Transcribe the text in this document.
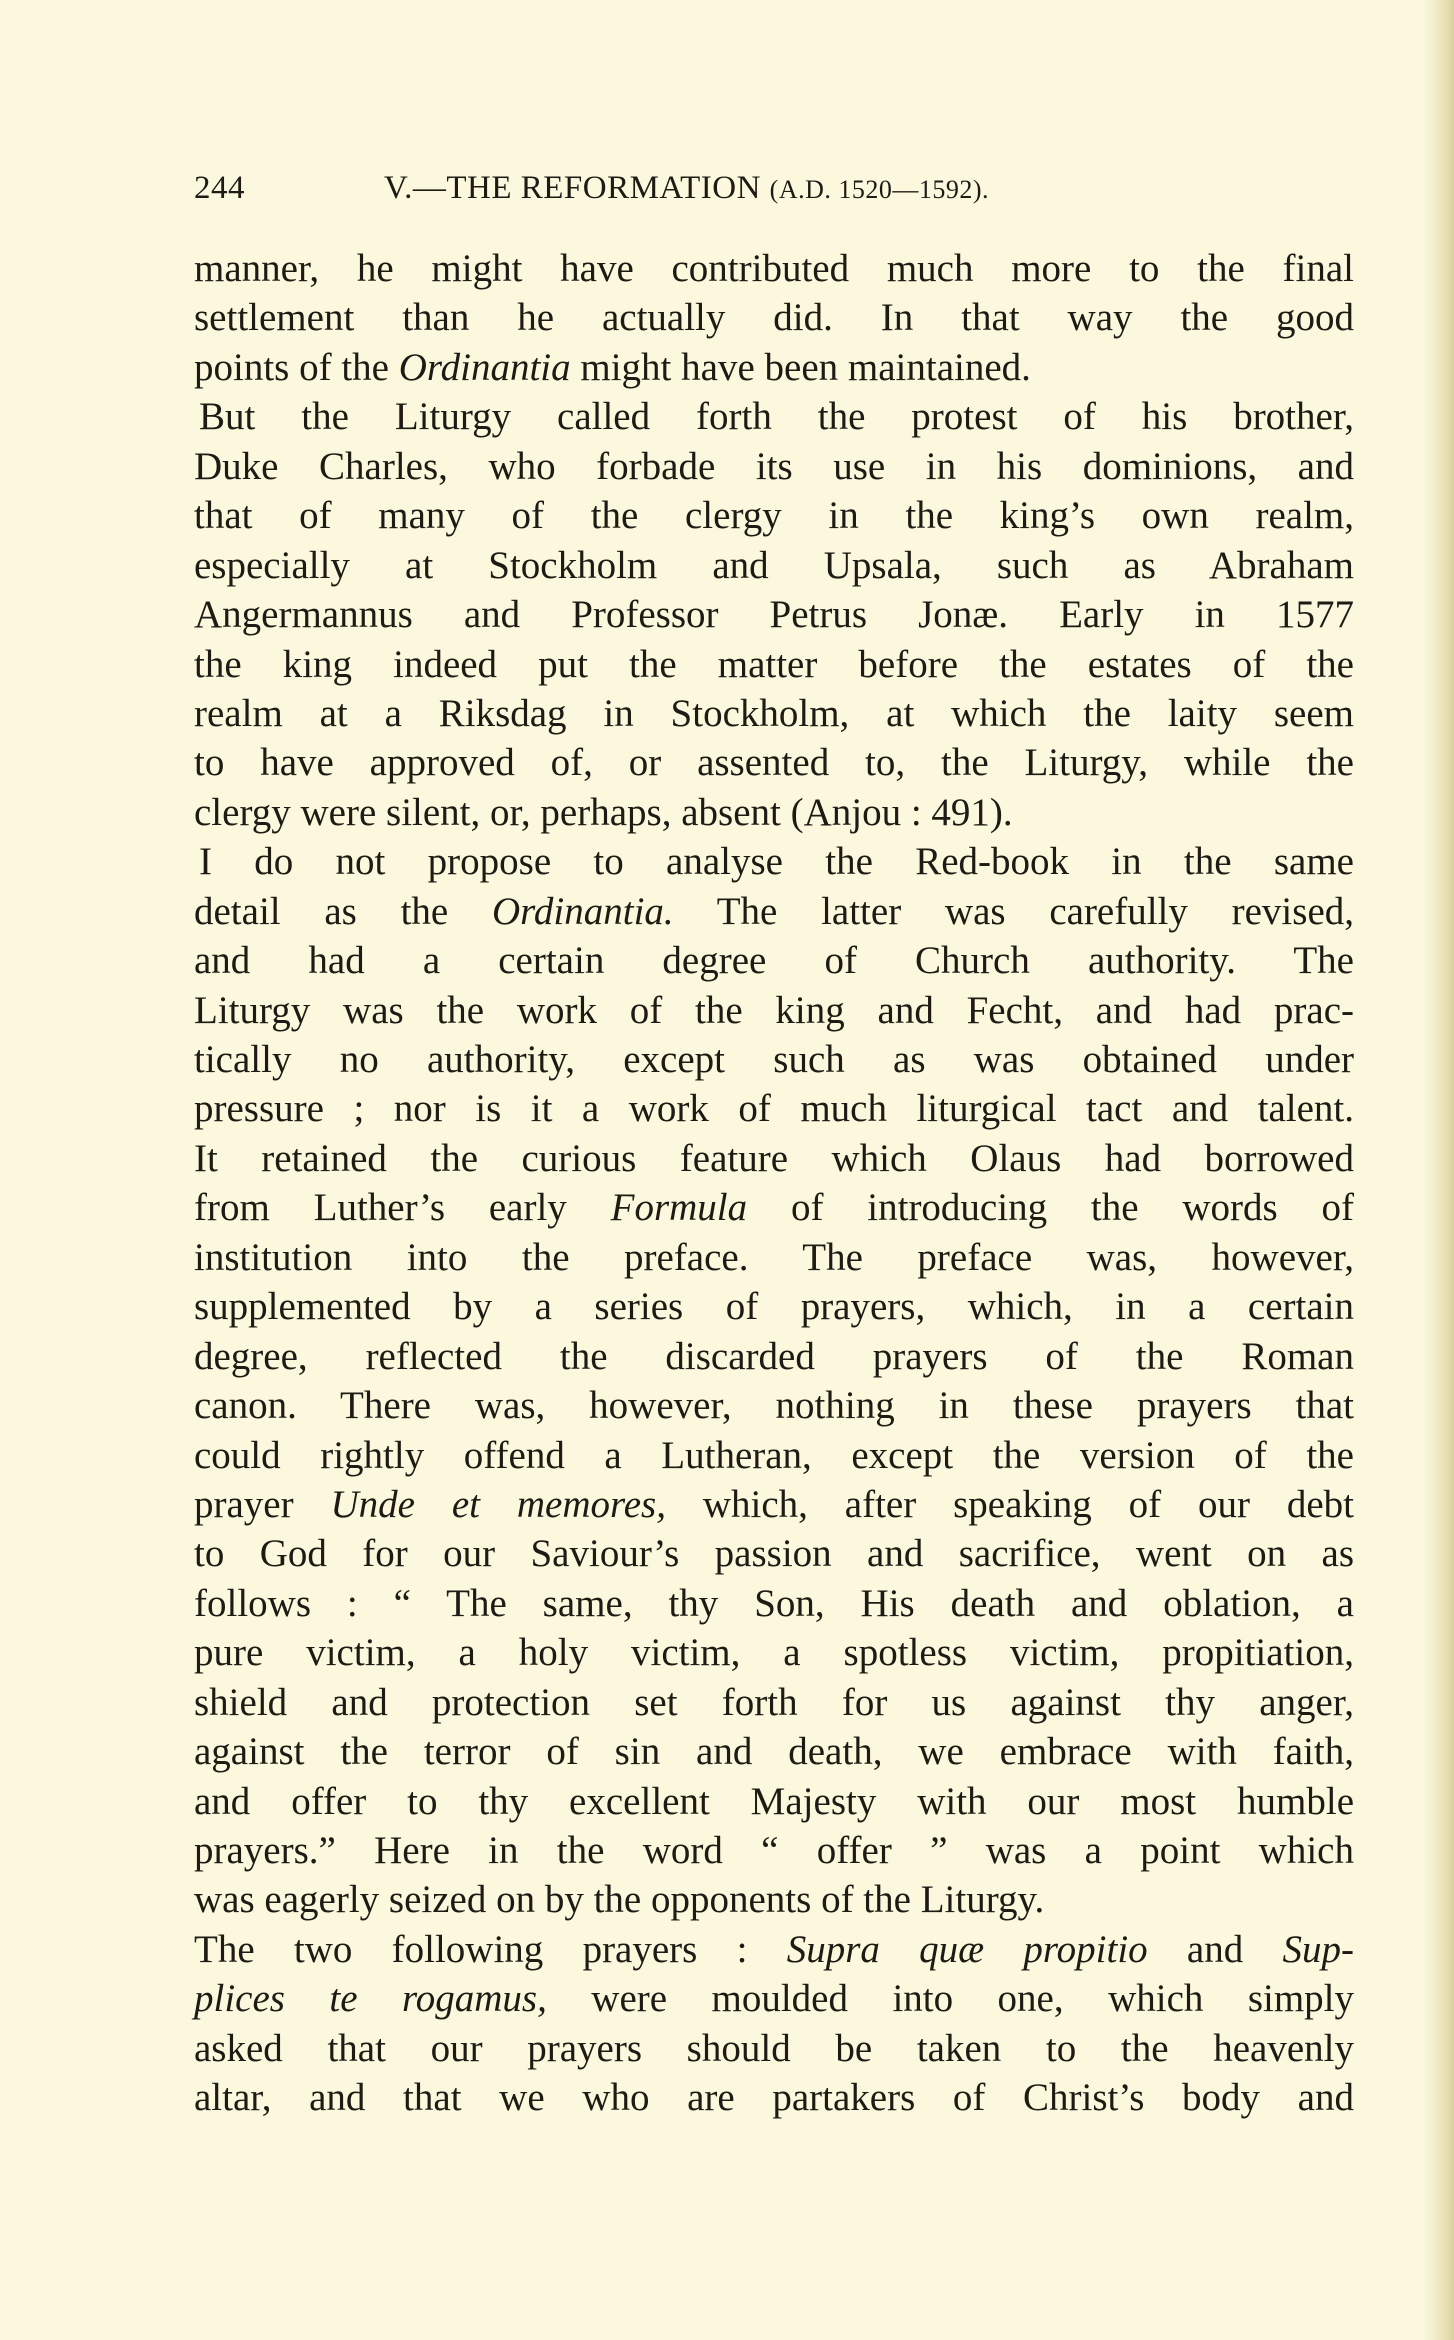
244	V.—THE REFORMATION (A.D. 1520—1592).
manner, he might have contributed much more to the final
settlement than he actually did. In that way the good
points of the Ordinantia might have been maintained.
But the Liturgy called forth the protest of his brother,
Duke Charles, who forbade its use in his dominions, and
that of many of the clergy in the king’s own realm,
especially at Stockholm and Upsala, such as Abraham
Angermannus and Professor Petrus Jonæ. Early in 1577
the king indeed put the matter before the estates of the
realm at a Riksdag in Stockholm, at which the laity seem
to have approved of, or assented to, the Liturgy, while the
clergy were silent, or, perhaps, absent (Anjou : 491).
I do not propose to analyse the Red-book in the same
detail as the Ordinantia. The latter was carefully revised,
and had a certain degree of Church authority. The
Liturgy was the work of the king and Fecht, and had prac-
tically no authority, except such as was obtained under
pressure ; nor is it a work of much liturgical tact and talent.
It retained the curious feature which Olaus had borrowed
from Luther’s early Formula of introducing the words of
institution into the preface. The preface was, however,
supplemented by a series of prayers, which, in a certain
degree, reflected the discarded prayers of the Roman
canon. There was, however, nothing in these prayers that
could rightly offend a Lutheran, except the version of the
prayer Unde et memores, which, after speaking of our debt
to God for our Saviour’s passion and sacrifice, went on as
follows : “ The same, thy Son, His death and oblation, a
pure victim, a holy victim, a spotless victim, propitiation,
shield and protection set forth for us against thy anger,
against the terror of sin and death, we embrace with faith,
and offer to thy excellent Majesty with our most humble
prayers.” Here in the word “ offer ” was a point which
was eagerly seized on by the opponents of the Liturgy.
The two following prayers : Supra quæ propitio and Sup-
plices te rogamus, were moulded into one, which simply
asked that our prayers should be taken to the heavenly
altar, and that we who are partakers of Christ’s body and
